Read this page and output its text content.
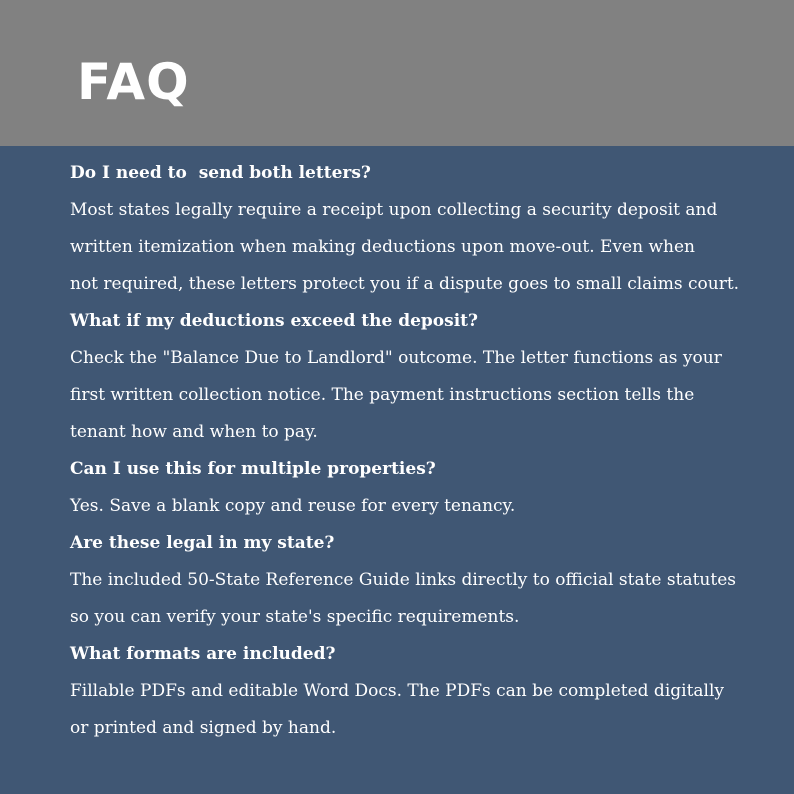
FAQ

Do I need to  send both letters?

Most states legally require a receipt upon collecting a security deposit and
written itemization when making deductions upon move-out. Even when
not required, these letters protect you if a dispute goes to small claims court.

What if my deductions exceed the deposit?

Check the "Balance Due to Landlord" outcome. The letter functions as your
first written collection notice. The payment instructions section tells the
tenant how and when to pay.

Can I use this for multiple properties?

Yes. Save a blank copy and reuse for every tenancy.

Are these legal in my state?

The included 50-State Reference Guide links directly to official state statutes
so you can verify your state's specific requirements.

What formats are included?

Fillable PDFs and editable Word Docs. The PDFs can be completed digitally
or printed and signed by hand.
